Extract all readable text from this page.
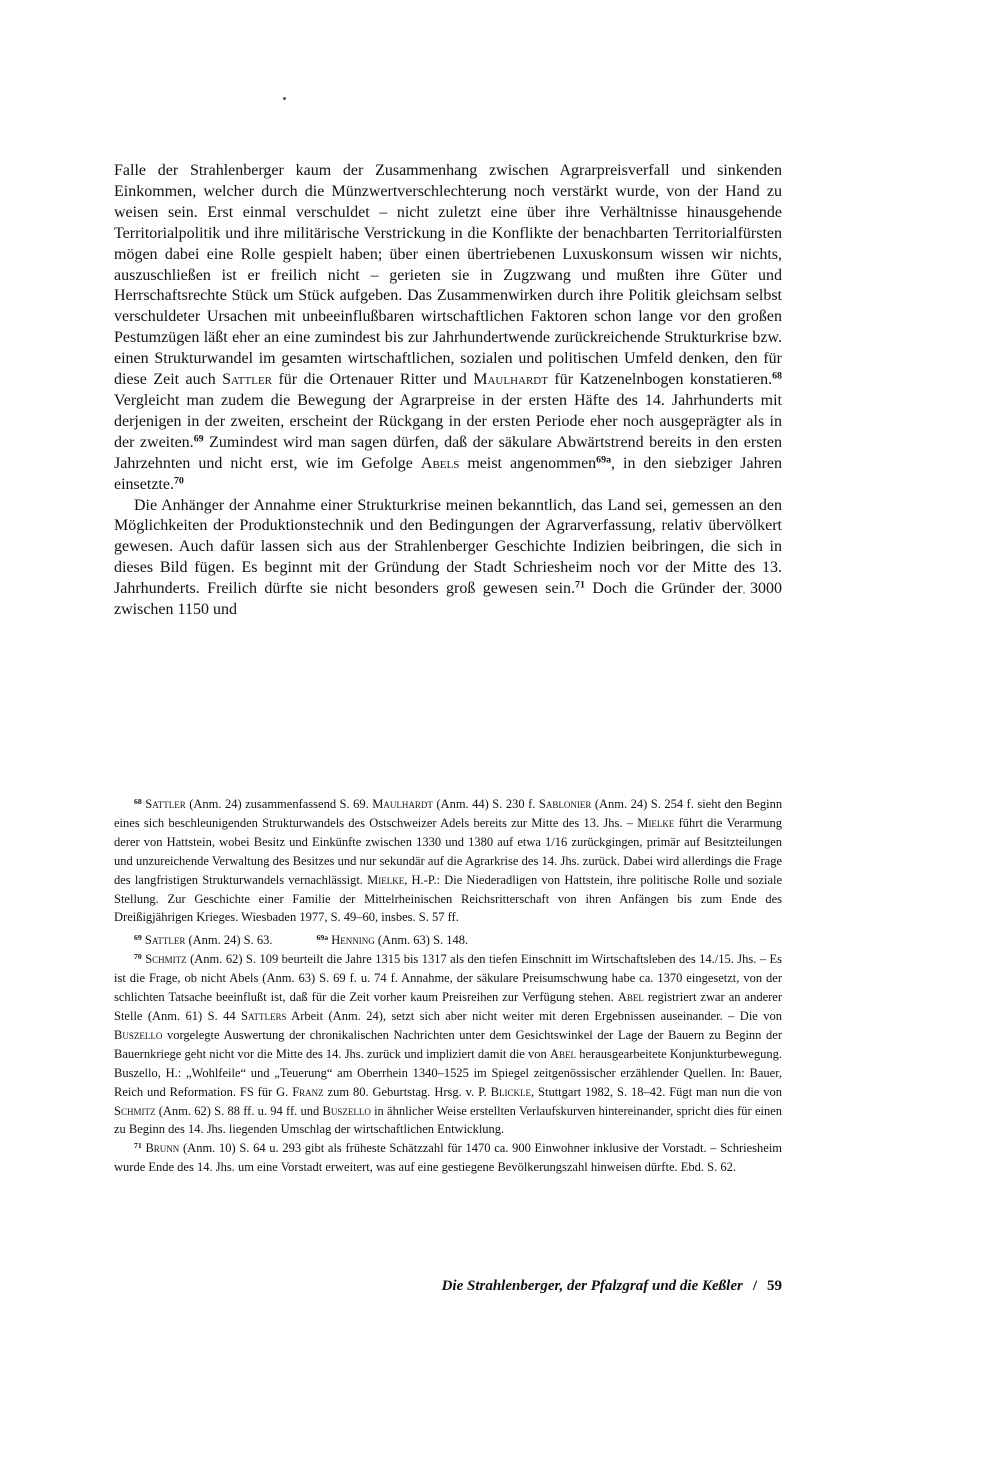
Falle der Strahlenberger kaum der Zusammenhang zwischen Agrarpreisverfall und sinkenden Einkommen, welcher durch die Münzwertverschlechterung noch verstärkt wurde, von der Hand zu weisen sein. Erst einmal verschuldet – nicht zuletzt eine über ihre Verhältnisse hinausgehende Territorialpolitik und ihre militärische Verstrickung in die Konflikte der benachbarten Territorialfürsten mögen dabei eine Rolle gespielt haben; über einen übertriebenen Luxuskonsum wissen wir nichts, auszuschließen ist er freilich nicht – gerieten sie in Zugzwang und mußten ihre Güter und Herrschaftsrechte Stück um Stück aufgeben. Das Zusammenwirken durch ihre Politik gleichsam selbst verschuldeter Ursachen mit unbeeinflußbaren wirtschaftlichen Faktoren schon lange vor den großen Pestumzügen läßt eher an eine zumindest bis zur Jahrhundertwende zurückreichende Strukturkrise bzw. einen Strukturwandel im gesamten wirtschaftlichen, sozialen und politischen Umfeld denken, den für diese Zeit auch Sattler für die Ortenauer Ritter und Maulhardt für Katzenelnbogen konstatieren.$^{68}$ Vergleicht man zudem die Bewegung der Agrarpreise in der ersten Häfte des 14. Jahrhunderts mit derjenigen in der zweiten, erscheint der Rückgang in der ersten Periode eher noch ausgeprägter als in der zweiten.$^{69}$ Zumindest wird man sagen dürfen, daß der säkulare Abwärtstrend bereits in den ersten Jahrzehnten und nicht erst, wie im Gefolge Abels meist angenommen$^{69a}$, in den siebziger Jahren einsetzte.$^{70}$

Die Anhänger der Annahme einer Strukturkrise meinen bekanntlich, das Land sei, gemessen an den Möglichkeiten der Produktionstechnik und den Bedingungen der Agrarverfassung, relativ übervölkert gewesen. Auch dafür lassen sich aus der Strahlenberger Geschichte Indizien beibringen, die sich in dieses Bild fügen. Es beginnt mit der Gründung der Stadt Schriesheim noch vor der Mitte des 13. Jahrhunderts. Freilich dürfte sie nicht besonders groß gewesen sein.$^{71}$ Doch die Gründer der 3000 zwischen 1150 und

$^{68}$ Sattler (Anm. 24) zusammenfassend S. 69. Maulhardt (Anm. 44) S. 230 f. Sablonier (Anm. 24) S. 254 f. sieht den Beginn eines sich beschleunigenden Strukturwandels des Ostschweizer Adels bereits zur Mitte des 13. Jhs. – Mielke führt die Verarmung derer von Hattstein, wobei Besitz und Einkünfte zwischen 1330 und 1380 auf etwa 1/16 zurückgingen, primär auf Besitzteilungen und unzureichende Verwaltung des Besitzes und nur sekundär auf die Agrarkrise des 14. Jhs. zurück. Dabei wird allerdings die Frage des langfristigen Strukturwandels vernachlässigt. Mielke, H.-P.: Die Niederadligen von Hattstein, ihre politische Rolle und soziale Stellung. Zur Geschichte einer Familie der Mittelrheinischen Reichsritterschaft von ihren Anfängen bis zum Ende des Dreißigjährigen Krieges. Wiesbaden 1977, S. 49–60, insbes. S. 57 ff.

$^{69}$ Sattler (Anm. 24) S. 63.	$^{69a}$ Henning (Anm. 63) S. 148.

$^{70}$ Schmitz (Anm. 62) S. 109 beurteilt die Jahre 1315 bis 1317 als den tiefen Einschnitt im Wirtschaftsleben des 14./15. Jhs. – Es ist die Frage, ob nicht Abels (Anm. 63) S. 69 f. u. 74 f. Annahme, der säkulare Preisumschwung habe ca. 1370 eingesetzt, von der schlichten Tatsache beeinflußt ist, daß für die Zeit vorher kaum Preisreihen zur Verfügung stehen. Abel registriert zwar an anderer Stelle (Anm. 61) S. 44 Sattlers Arbeit (Anm. 24), setzt sich aber nicht weiter mit deren Ergebnissen auseinander. – Die von Buszello vorgelegte Auswertung der chronikalischen Nachrichten unter dem Gesichtswinkel der Lage der Bauern zu Beginn der Bauernkriege geht nicht vor die Mitte des 14. Jhs. zurück und impliziert damit die von Abel herausgearbeitete Konjunkturbewegung. Buszello, H.: „Wohlfeile“ und „Teuerung“ am Oberrhein 1340–1525 im Spiegel zeitgenössischer erzählender Quellen. In: Bauer, Reich und Reformation. FS für G. Franz zum 80. Geburtstag. Hrsg. v. P. Blickle, Stuttgart 1982, S. 18–42. Fügt man nun die von Schmitz (Anm. 62) S. 88 ff. u. 94 ff. und Buszello in ähnlicher Weise erstellten Verlaufskurven hintereinander, spricht dies für einen zu Beginn des 14. Jhs. liegenden Umschlag der wirtschaftlichen Entwicklung.

$^{71}$ Brunn (Anm. 10) S. 64 u. 293 gibt als früheste Schätzzahl für 1470 ca. 900 Einwohner inklusive der Vorstadt. – Schriesheim wurde Ende des 14. Jhs. um eine Vorstadt erweitert, was auf eine gestiegene Bevölkerungszahl hinweisen dürfte. Ebd. S. 62.

Die Strahlenberger, der Pfalzgraf und die Keßler / 59
